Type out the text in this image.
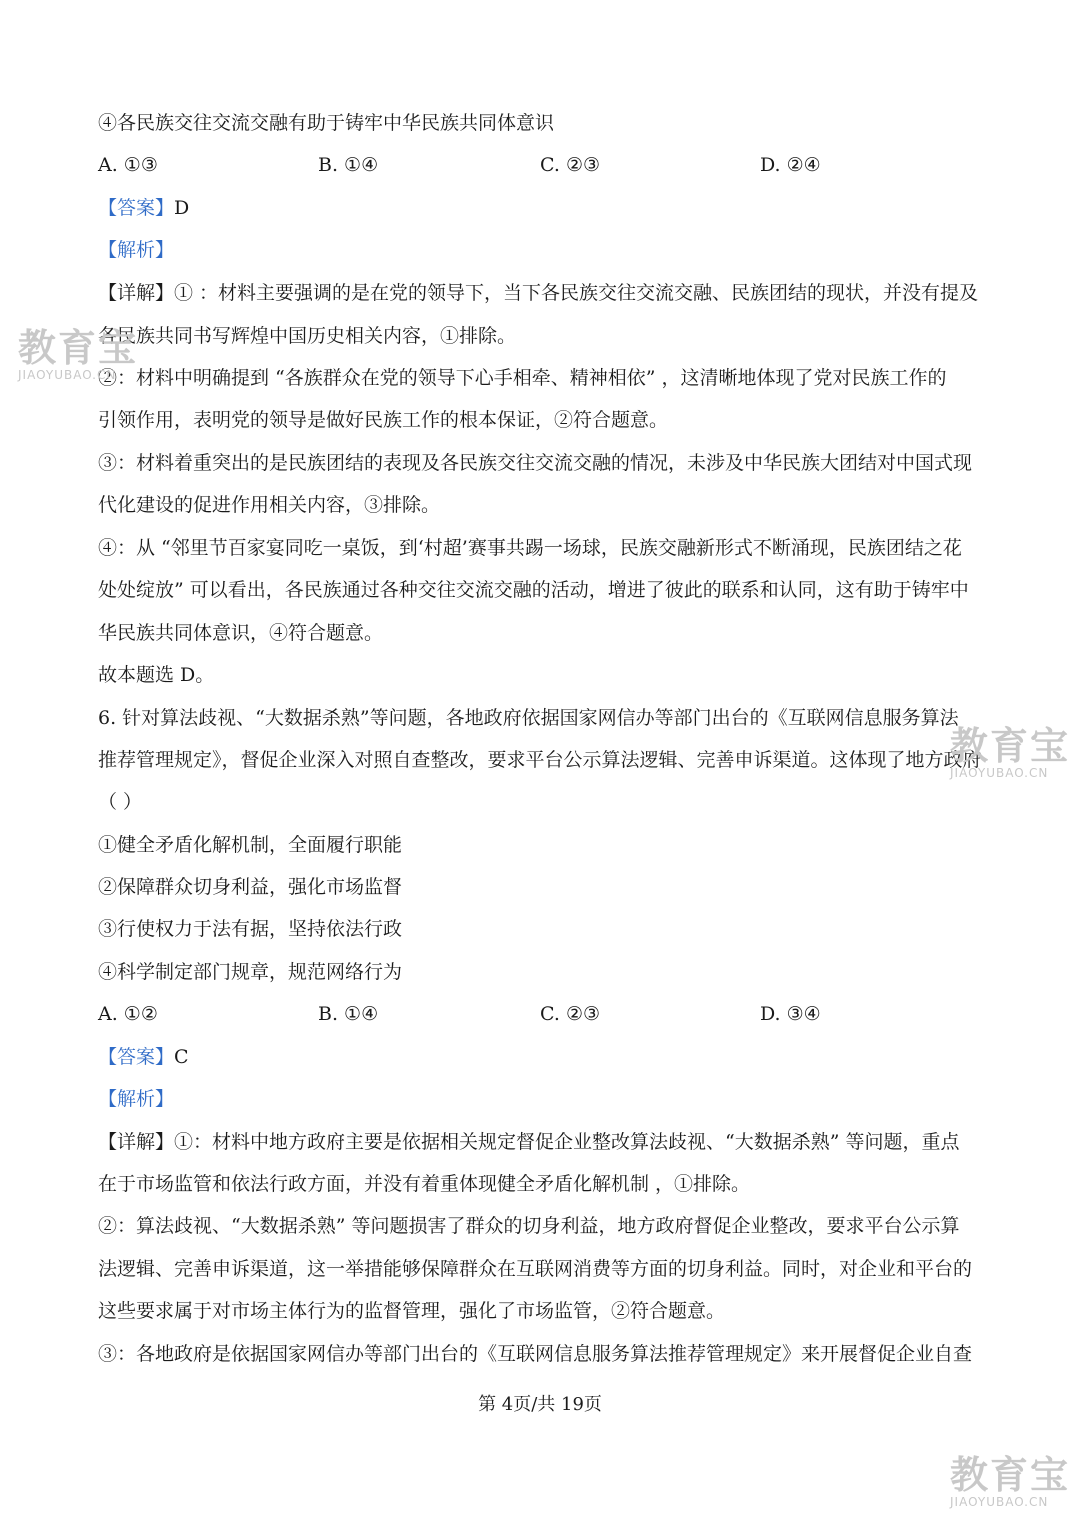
④各民族交往交流交融有助于铸牢中华民族共同体意识
A. ①③	B. ①④	C. ②③	D. ②④
【答案】D
【解析】
【详解】① ：材料主要强调的是在党的领导下，当下各民族交往交流交融、民族团结的现状，并没有提及
各民族共同书写辉煌中国历史相关内容，①排除。
②：材料中明确提到 “各族群众在党的领导下心手相牵、精神相依” ，这清晰地体现了党对民族工作的
引领作用，表明党的领导是做好民族工作的根本保证，②符合题意。
③：材料着重突出的是民族团结的表现及各民族交往交流交融的情况，未涉及中华民族大团结对中国式现
代化建设的促进作用相关内容，③排除。
④：从 “邻里节百家宴同吃一桌饭，到‘村超’赛事共踢一场球，民族交融新形式不断涌现，民族团结之花
处处绽放” 可以看出，各民族通过各种交往交流交融的活动，增进了彼此的联系和认同，这有助于铸牢中
华民族共同体意识，④符合题意。
故本题选 D。
6. 针对算法歧视、“大数据杀熟”等问题，各地政府依据国家网信办等部门出台的《互联网信息服务算法
推荐管理规定》，督促企业深入对照自查整改，要求平台公示算法逻辑、完善申诉渠道。这体现了地方政府
（ ）
①健全矛盾化解机制，全面履行职能
②保障群众切身利益，强化市场监督
③行使权力于法有据，坚持依法行政
④科学制定部门规章，规范网络行为
A. ①②	B. ①④	C. ②③	D. ③④
【答案】C
【解析】
【详解】①：材料中地方政府主要是依据相关规定督促企业整改算法歧视、“大数据杀熟” 等问题，重点
在于市场监管和依法行政方面，并没有着重体现健全矛盾化解机制 ，①排除。
②：算法歧视、“大数据杀熟” 等问题损害了群众的切身利益，地方政府督促企业整改，要求平台公示算
法逻辑、完善申诉渠道，这一举措能够保障群众在互联网消费等方面的切身利益。同时，对企业和平台的
这些要求属于对市场主体行为的监督管理，强化了市场监管，②符合题意。
③：各地政府是依据国家网信办等部门出台的《互联网信息服务算法推荐管理规定》来开展督促企业自查
第 4页/共 19页
教育宝
JIAOYUBAO.CN
教育宝
JIAOYUBAO.CN
教育宝
JIAOYUBAO.CN
